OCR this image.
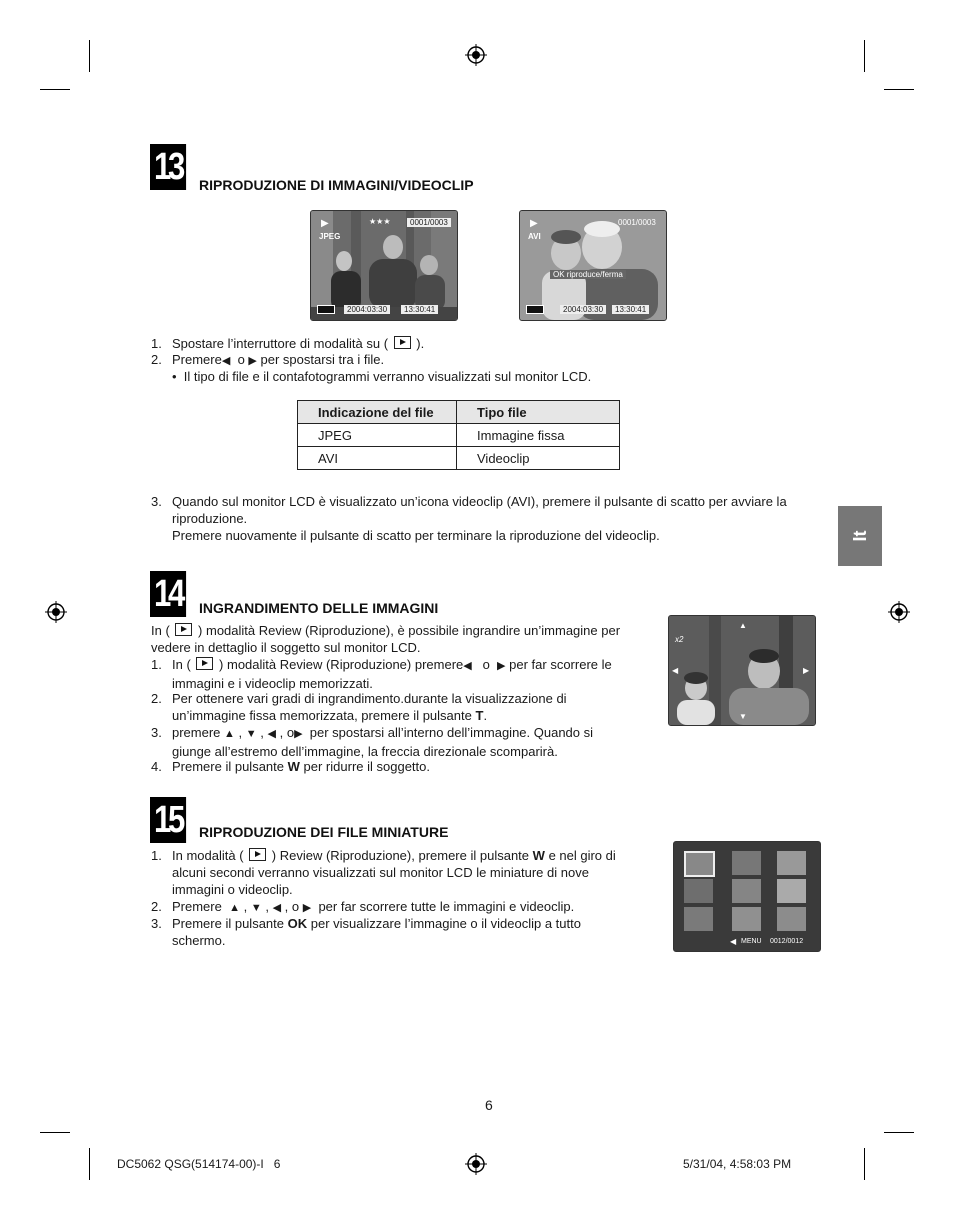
It
13 RIPRODUZIONE DI IMMAGINI/VIDEOCLIP
▶
JPEG
★★★	0001/0003
2004:03:30	13:30:41
▶
AVI
0001/0003
OK riproduce/ferma
2004:03:30	13:30:41
1. Spostare l’interruttore di modalità su ( ).
2. Premere◀ o ▶ per spostarsi tra i file.
• Il tipo di file e il contafotogrammi verranno visualizzati sul monitor LCD.
Indicazione del file	Tipo file
JPEG	Immagine fissa
AVI	Videoclip
3. Quando sul monitor LCD è visualizzato un’icona videoclip (AVI), premere il pulsante di scatto per avviare la
riproduzione.
Premere nuovamente il pulsante di scatto per terminare la riproduzione del videoclip.
14 INGRANDIMENTO DELLE IMMAGINI
In ( ) modalità Review (Riproduzione), è possibile ingrandire un’immagine per
vedere in dettaglio il soggetto sul monitor LCD.
1. In ( ) modalità Review (Riproduzione) premere◀ o ▶ per far scorrere le
immagini e i videoclip memorizzati.
2. Per ottenere vari gradi di ingrandimento.durante la visualizzazione di
un’immagine fissa memorizzata, premere il pulsante T.
3. premere ▲ , ▼ , ◀ , o▶ per spostarsi all’interno dell’immagine. Quando si
giunge all’estremo dell’immagine, la freccia direzionale scomparirà.
4. Premere il pulsante W per ridurre il soggetto.
x2
▲
▼
◀	▶
15 RIPRODUZIONE DEI FILE MINIATURE
1. In modalità ( ) Review (Riproduzione), premere il pulsante W e nel giro di
alcuni secondi verranno visualizzati sul monitor LCD le miniature di nove
immagini o videoclip.
2. Premere ▲ , ▼ , ◀ , o ▶ per far scorrere tutte le immagini e videoclip.
3. Premere il pulsante OK per visualizzare l’immagine o il videoclip a tutto
schermo.	◀ MENU 0012/0012
6
DC5062 QSG(514174-00)-I   6	5/31/04, 4:58:03 PM
